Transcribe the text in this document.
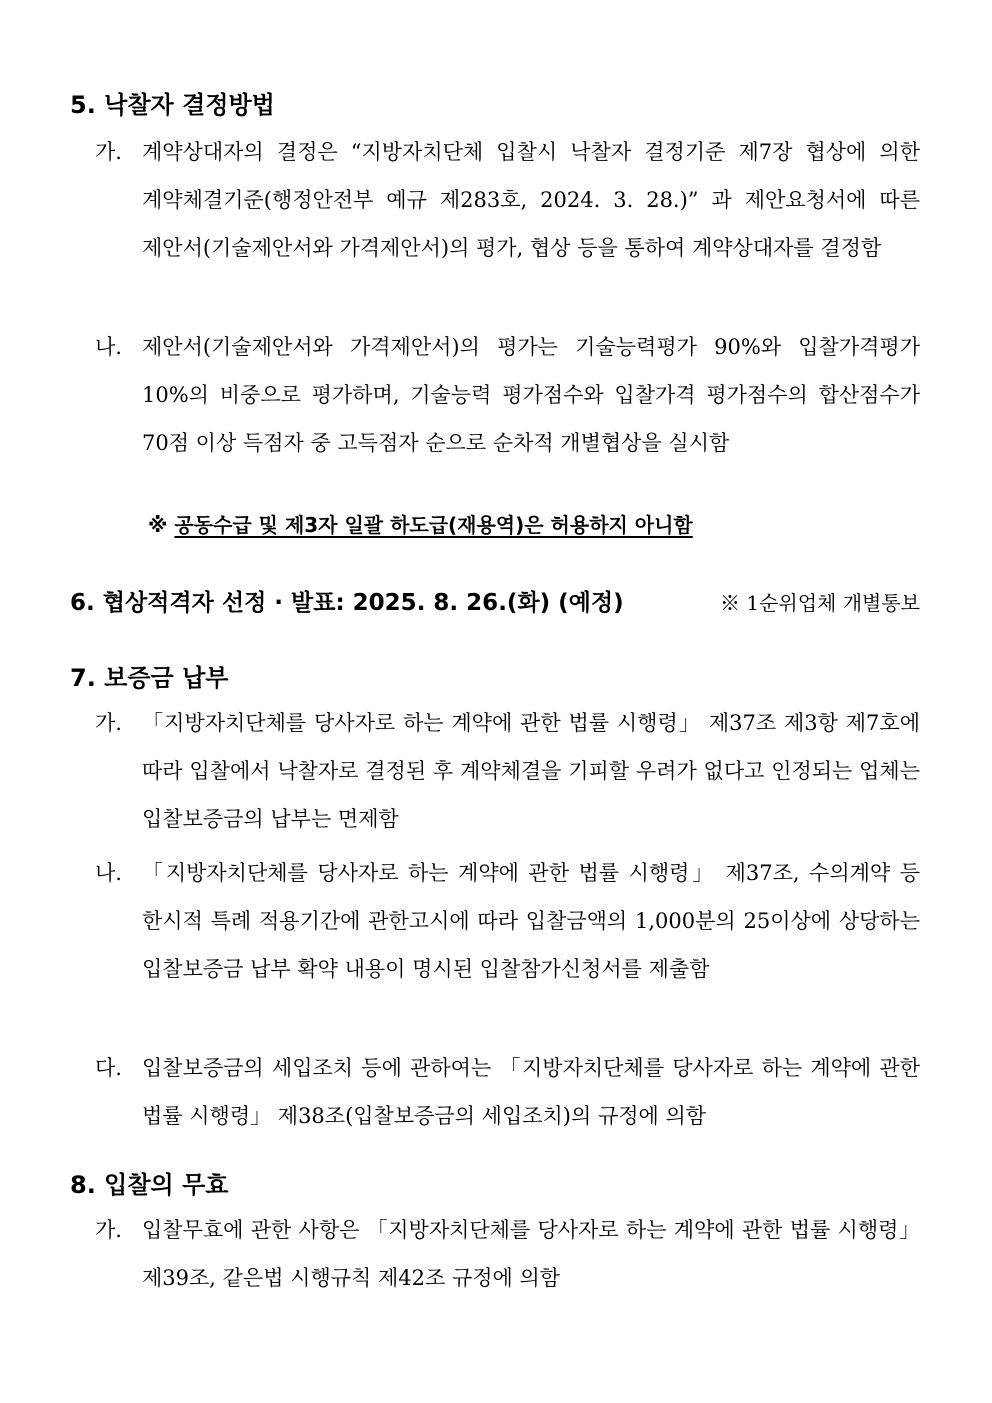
5. 낙찰자 결정방법
가. 계약상대자의 결정은 “지방자치단체 입찰시 낙찰자 결정기준 제7장 협상에 의한 계약체결기준(행정안전부 예규 제283호, 2024. 3. 28.)” 과 제안요청서에 따른 제안서(기술제안서와 가격제안서)의 평가, 협상 등을 통하여 계약상대자를 결정함
나. 제안서(기술제안서와 가격제안서)의 평가는 기술능력평가 90%와 입찰가격평가 10%의 비중으로 평가하며, 기술능력 평가점수와 입찰가격 평가점수의 합산점수가 70점 이상 득점자 중 고득점자 순으로 순차적 개별협상을 실시함
※ 공동수급 및 제3자 일괄 하도급(재용역)은 허용하지 아니함
6. 협상적격자 선정 · 발표: 2025. 8. 26.(화) (예정)	※ 1순위업체 개별통보
7. 보증금 납부
가. 「지방자치단체를 당사자로 하는 계약에 관한 법률 시행령」 제37조 제3항 제7호에 따라 입찰에서 낙찰자로 결정된 후 계약체결을 기피할 우려가 없다고 인정되는 업체는 입찰보증금의 납부는 면제함
나. 「지방자치단체를 당사자로 하는 계약에 관한 법률 시행령」 제37조, 수의계약 등 한시적 특례 적용기간에 관한고시에 따라 입찰금액의 1,000분의 25이상에 상당하는 입찰보증금 납부 확약 내용이 명시된 입찰참가신청서를 제출함
다. 입찰보증금의 세입조치 등에 관하여는 「지방자치단체를 당사자로 하는 계약에 관한 법률 시행령」 제38조(입찰보증금의 세입조치)의 규정에 의함
8. 입찰의 무효
가. 입찰무효에 관한 사항은 「지방자치단체를 당사자로 하는 계약에 관한 법률 시행령」 제39조, 같은법 시행규칙 제42조 규정에 의함
